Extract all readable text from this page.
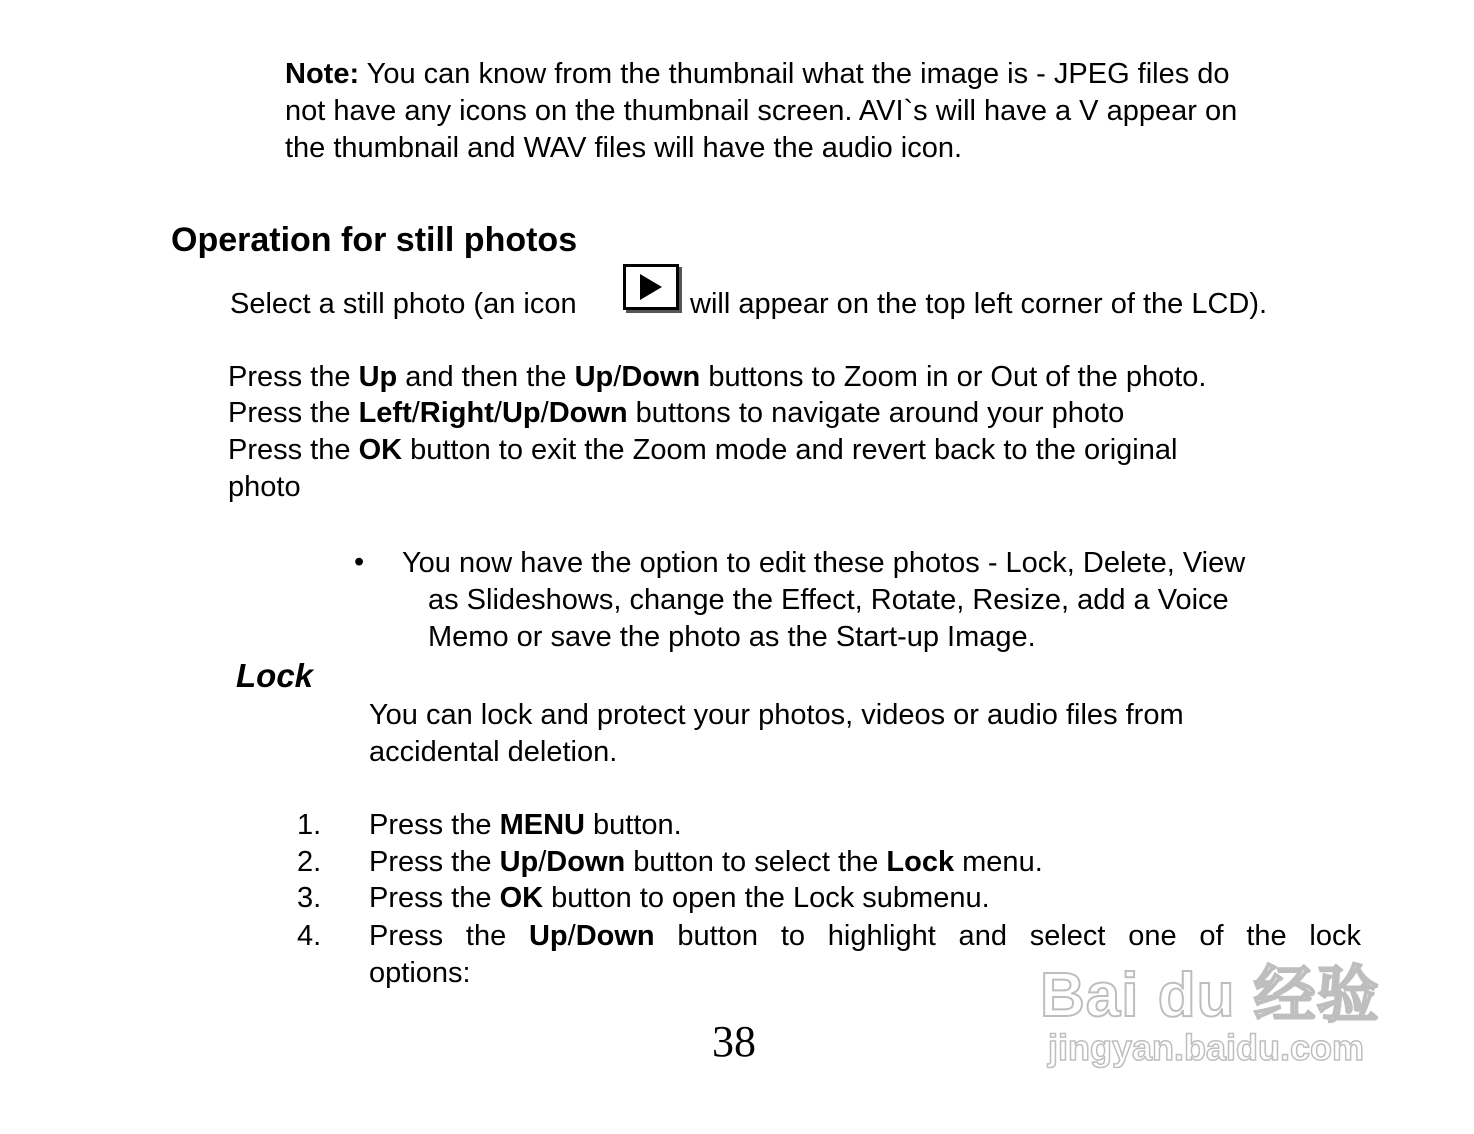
Note: You can know from the thumbnail what the image is - JPEG files do
not have any icons on the thumbnail screen. AVI`s will have a V appear on
the thumbnail and WAV files will have the audio icon.
Operation for still photos
Select a still photo (an icon	will appear on the top left corner of the LCD).
Press the Up and then the Up/Down buttons to Zoom in or Out of the photo.
Press the Left/Right/Up/Down buttons to navigate around your photo
Press the OK button to exit the Zoom mode and revert back to the original
photo
• You now have the option to edit these photos - Lock, Delete, View
as Slideshows, change the Effect, Rotate, Resize, add a Voice
Memo or save the photo as the Start-up Image.
Lock
You can lock and protect your photos, videos or audio files from
accidental deletion.
1. Press the MENU button.
2. Press the Up/Down button to select the Lock menu.
3. Press the OK button to open the Lock submenu.
4. Press the Up/Down button to highlight and select one of the lock
options:
38
Bai du 经验
jingyan.baidu.com
